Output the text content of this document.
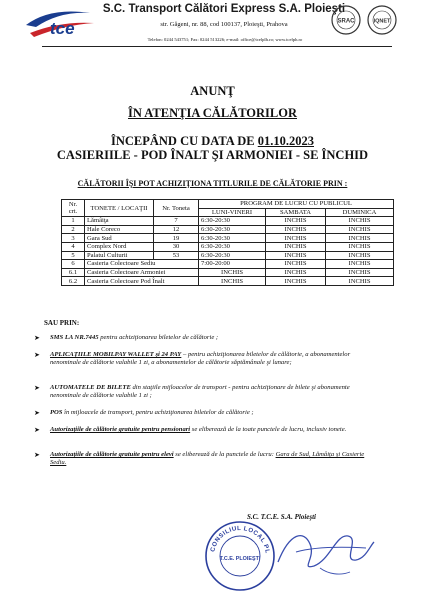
tce
S.C. Transport Călători Express S.A. Ploieşti
str. Găgeni, nr. 88, cod 100137, Ploieşti, Prahova
Telefon: 0244 543751; Fax: 0244 513226; e-mail: office@tcelplh.ro; www.tcelph.ro
SRAC	IQNET
ANUNŢ
ÎN ATENŢIA CĂLĂTORILOR
ÎNCEPÂND CU DATA DE 01.10.2023
CASIERIILE - POD ÎNALT ŞI ARMONIEI - SE ÎNCHID
CĂLĂTORII ÎŞI POT ACHIZIŢIONA TITLURILE DE CĂLĂTORIE PRIN :
Nr. crt.	TONETE / LOCAŢII	Nr. Toneta	PROGRAM DE LUCRU CU PUBLICUL		
			LUNI-VINERI	SAMBATA	DUMINICA
1	Lămâiţa	7	6:30-20:30	INCHIS	INCHIS
2	Hale Coreco	12	6:30-20:30	INCHIS	INCHIS
3	Gara Sud	19	6:30-20:30	INCHIS	INCHIS
4	Complex Nord	30	6:30-20:30	INCHIS	INCHIS
5	Palatul Culturii	53	6:30-20:30	INCHIS	INCHIS
6	Casieria Colectoare Sediu		7:00-20:00	INCHIS	INCHIS
6.1	Casieria Colectoare Armoniei		INCHIS	INCHIS	INCHIS
6.2	Casieria Colectoare Pod Înalt		INCHIS	INCHIS	INCHIS
SAU PRIN:
➤ SMS LA NR.7445 pentru achiziţionarea biletelor de călătorie ;
➤ APLICAŢIILE MOBILPAY WALLET şi 24 PAY – pentru achiziţionarea biletelor de călătorie, a abonamentelor nenominale de călătorie valabile 1 zi, a abonamentelor de călătorie săptămânale şi lunare;
➤ AUTOMATELE DE BILETE din staţiile mijloacelor de transport - pentru achiziţionare de bilete şi abonamente nenominale de călătorie valabile 1 zi ;
➤ POS în mijloacele de transport, pentru achiziţionarea biletelor de călătorie ;
➤ Autorizaţiile de călătorie gratuite pentru pensionari se eliberează de la toate punctele de lucru, inclusiv tonete.
➤ Autorizaţiile de călătorie gratuite pentru elevi se eliberează de la punctele de lucru: Gara de Sud, Lămâiţa şi Casierie Sediu.
S.C. T.C.E. S.A. Ploieşti
CONSILIUL LOCAL PL
T.C.E. PLOIEŞTI
